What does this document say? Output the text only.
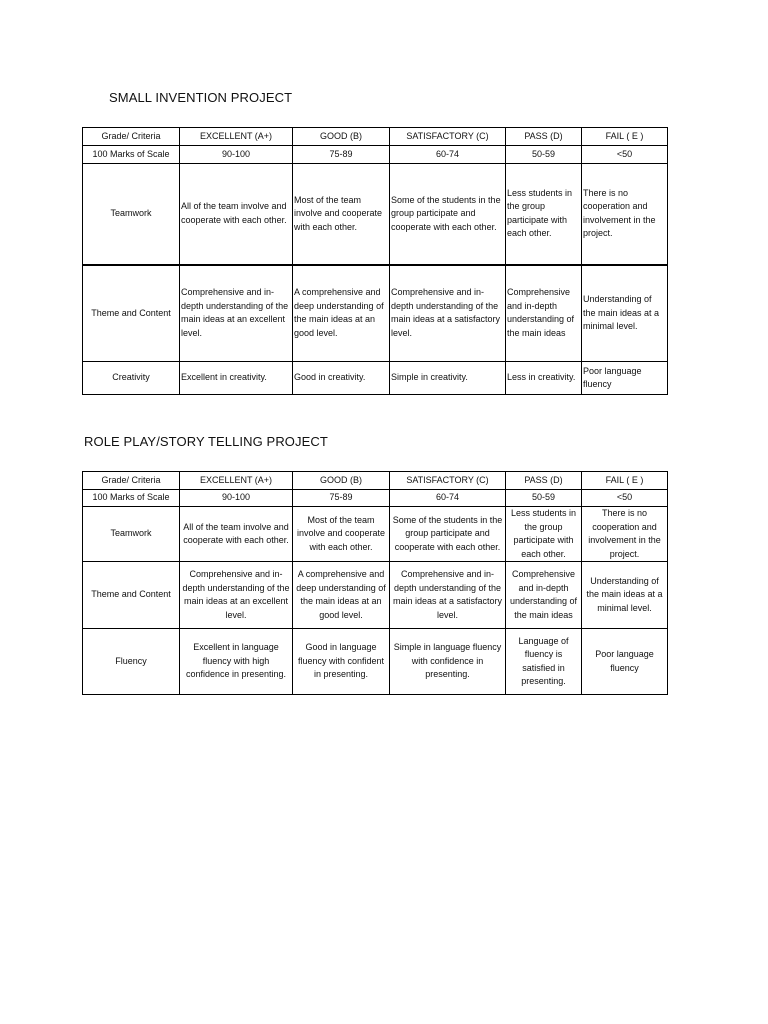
SMALL INVENTION PROJECT
Grade/ Criteria	EXCELLENT (A+)	GOOD (B)	SATISFACTORY (C)	PASS (D)	FAIL ( E )
100 Marks of Scale	90-100	75-89	60-74	50-59	<50
Teamwork	All of the team involve and cooperate with each other.	Most of the team involve and cooperate with each other.	Some of the students in the group participate and cooperate with each other.	Less students in the group participate with each other.	There is no cooperation and involvement in the project.
Theme and Content	Comprehensive and in-depth understanding of the main ideas at an excellent level.	A comprehensive and deep understanding of the main ideas at an good level.	Comprehensive and in-depth understanding of the main ideas at a satisfactory level.	Comprehensive and in-depth understanding of the main ideas	Understanding of the main ideas at a minimal level.
Creativity	Excellent in creativity.	Good in creativity.	Simple in creativity.	Less in creativity.	Poor language fluency
ROLE PLAY/STORY TELLING PROJECT
Grade/ Criteria	EXCELLENT (A+)	GOOD (B)	SATISFACTORY (C)	PASS (D)	FAIL ( E )
100 Marks of Scale	90-100	75-89	60-74	50-59	<50
Teamwork	All of the team involve and cooperate with each other.	Most of the team involve and cooperate with each other.	Some of the students in the group participate and cooperate with each other.	Less students in the group participate with each other.	There is no cooperation and involvement in the project.
Theme and Content	Comprehensive and in-depth understanding of the main ideas at an excellent level.	A comprehensive and deep understanding of the main ideas at an good level.	Comprehensive and in-depth understanding of the main ideas at a satisfactory level.	Comprehensive and in-depth understanding of the main ideas	Understanding of the main ideas at a minimal level.
Fluency	Excellent in language fluency with high confidence in presenting.	Good in language fluency with confident in presenting.	Simple in language fluency with confidence in presenting.	Language of fluency is satisfied in presenting.	Poor language fluency
